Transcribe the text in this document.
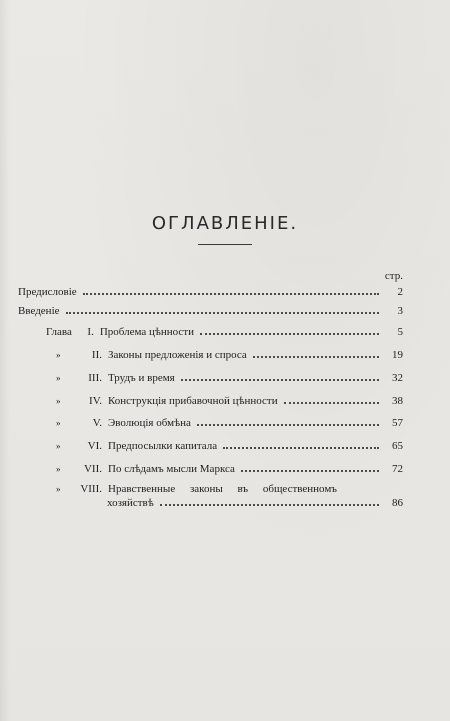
ОГЛАВЛЕНІЕ.
стр.
Предисловіе	2
Введеніе	3
Глава	I. Проблема цѣнности	5
»	II. Законы предложенія и спроса	19
»	III. Трудъ и время	32
»	IV. Конструкція прибавочной цѣнности	38
»	V. Эволюція обмѣна	57
»	VI. Предпосылки капитала	65
»	VII. По слѣдамъ мысли Маркса	72
»	VIII. Нравственные законы въ общественномъ
хозяйствѣ	86
